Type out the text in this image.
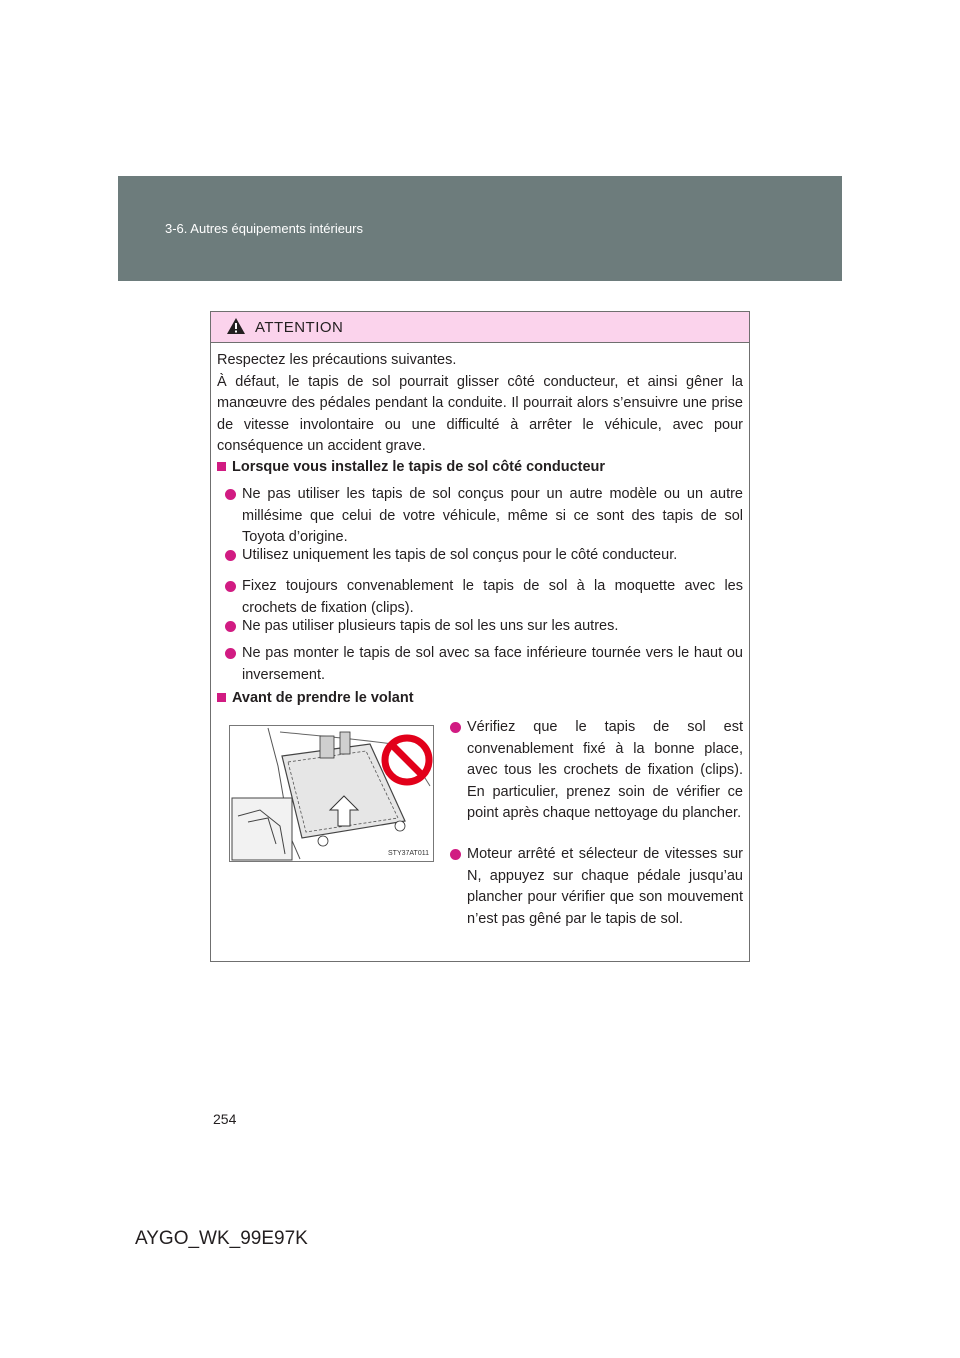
3-6. Autres équipements intérieurs
ATTENTION

Respectez les précautions suivantes.

À défaut, le tapis de sol pourrait glisser côté conducteur, et ainsi gêner la manœuvre des pédales pendant la conduite. Il pourrait alors s’ensuivre une prise de vitesse involontaire ou une difficulté à arrêter le véhicule, avec pour conséquence un accident grave.

Lorsque vous installez le tapis de sol côté conducteur
Ne pas utiliser les tapis de sol conçus pour un autre modèle ou un autre millésime que celui de votre véhicule, même si ce sont des tapis de sol Toyota d’origine.
Utilisez uniquement les tapis de sol conçus pour le côté conducteur.
Fixez toujours convenablement le tapis de sol à la moquette avec les crochets de fixation (clips).
Ne pas utiliser plusieurs tapis de sol les uns sur les autres.
Ne pas monter le tapis de sol avec sa face inférieure tournée vers le haut ou inversement.
Avant de prendre le volant
STY37AT011
Vérifiez que le tapis de sol est convenablement fixé à la bonne place, avec tous les crochets de fixation (clips). En particulier, prenez soin de vérifier ce point après chaque nettoyage du plancher.
Moteur arrêté et sélecteur de vitesses sur N, appuyez sur chaque pédale jusqu’au plancher pour vérifier que son mouvement n’est pas gêné par le tapis de sol.
254
AYGO_WK_99E97K
